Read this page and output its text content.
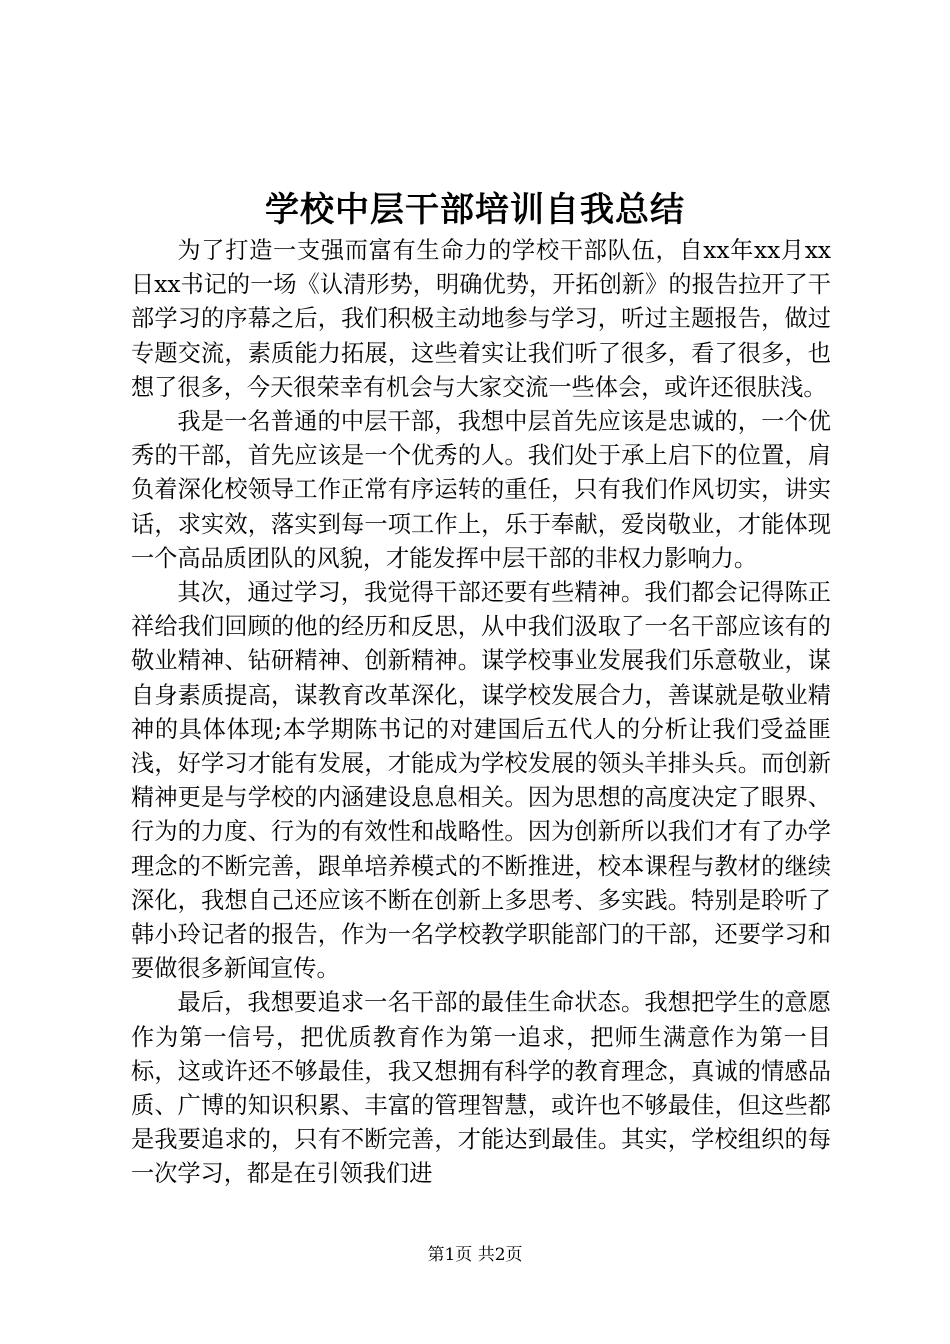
学校中层干部培训自我总结

为了打造一支强而富有生命力的学校干部队伍，自xx年xx月xx日xx书记的一场《认清形势，明确优势，开拓创新》的报告拉开了干部学习的序幕之后，我们积极主动地参与学习，听过主题报告，做过专题交流，素质能力拓展，这些着实让我们听了很多，看了很多，也想了很多，今天很荣幸有机会与大家交流一些体会，或许还很肤浅。

我是一名普通的中层干部，我想中层首先应该是忠诚的，一个优秀的干部，首先应该是一个优秀的人。我们处于承上启下的位置，肩负着深化校领导工作正常有序运转的重任，只有我们作风切实，讲实话，求实效，落实到每一项工作上，乐于奉献，爱岗敬业，才能体现一个高品质团队的风貌，才能发挥中层干部的非权力影响力。

其次，通过学习，我觉得干部还要有些精神。我们都会记得陈正祥给我们回顾的他的经历和反思，从中我们汲取了一名干部应该有的敬业精神、钻研精神、创新精神。谋学校事业发展我们乐意敬业，谋自身素质提高，谋教育改革深化，谋学校发展合力，善谋就是敬业精神的具体体现;本学期陈书记的对建国后五代人的分析让我们受益匪浅，好学习才能有发展，才能成为学校发展的领头羊排头兵。而创新精神更是与学校的内涵建设息息相关。因为思想的高度决定了眼界、行为的力度、行为的有效性和战略性。因为创新所以我们才有了办学理念的不断完善，跟单培养模式的不断推进，校本课程与教材的继续深化，我想自己还应该不断在创新上多思考、多实践。特别是聆听了韩小玲记者的报告，作为一名学校教学职能部门的干部，还要学习和要做很多新闻宣传。

最后，我想要追求一名干部的最佳生命状态。我想把学生的意愿作为第一信号，把优质教育作为第一追求，把师生满意作为第一目标，这或许还不够最佳，我又想拥有科学的教育理念，真诚的情感品质、广博的知识积累、丰富的管理智慧，或许也不够最佳，但这些都是我要追求的，只有不断完善，才能达到最佳。其实，学校组织的每一次学习，都是在引领我们进

第1页 共2页
